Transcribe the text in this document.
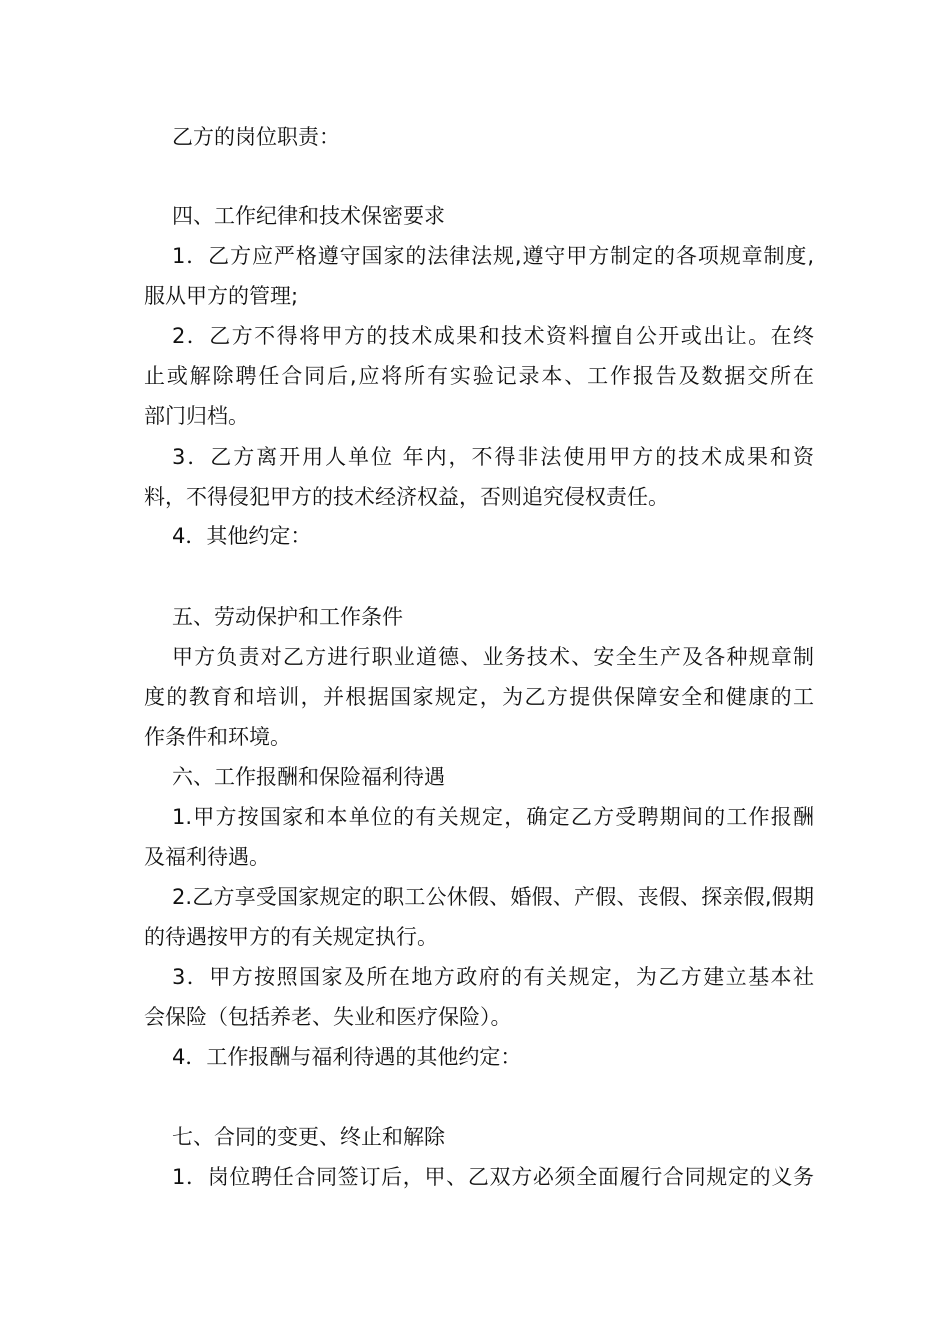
乙方的岗位职责：
四、工作纪律和技术保密要求
1．乙方应严格遵守国家的法律法规,遵守甲方制定的各项规章制度,
服从甲方的管理;
2．乙方不得将甲方的技术成果和技术资料擅自公开或出让。在终
止或解除聘任合同后,应将所有实验记录本、工作报告及数据交所在
部门归档。
3．乙方离开用人单位 年内，不得非法使用甲方的技术成果和资
料，不得侵犯甲方的技术经济权益，否则追究侵权责任。
4．其他约定：
五、劳动保护和工作条件
甲方负责对乙方进行职业道德、业务技术、安全生产及各种规章制
度的教育和培训，并根据国家规定，为乙方提供保障安全和健康的工
作条件和环境。
六、工作报酬和保险福利待遇
1.甲方按国家和本单位的有关规定，确定乙方受聘期间的工作报酬
及福利待遇。
2.乙方享受国家规定的职工公休假、婚假、产假、丧假、探亲假,假期
的待遇按甲方的有关规定执行。
3．甲方按照国家及所在地方政府的有关规定，为乙方建立基本社
会保险（包括养老、失业和医疗保险）。
4．工作报酬与福利待遇的其他约定：
七、合同的变更、终止和解除
1．岗位聘任合同签订后，甲、乙双方必须全面履行合同规定的义务
